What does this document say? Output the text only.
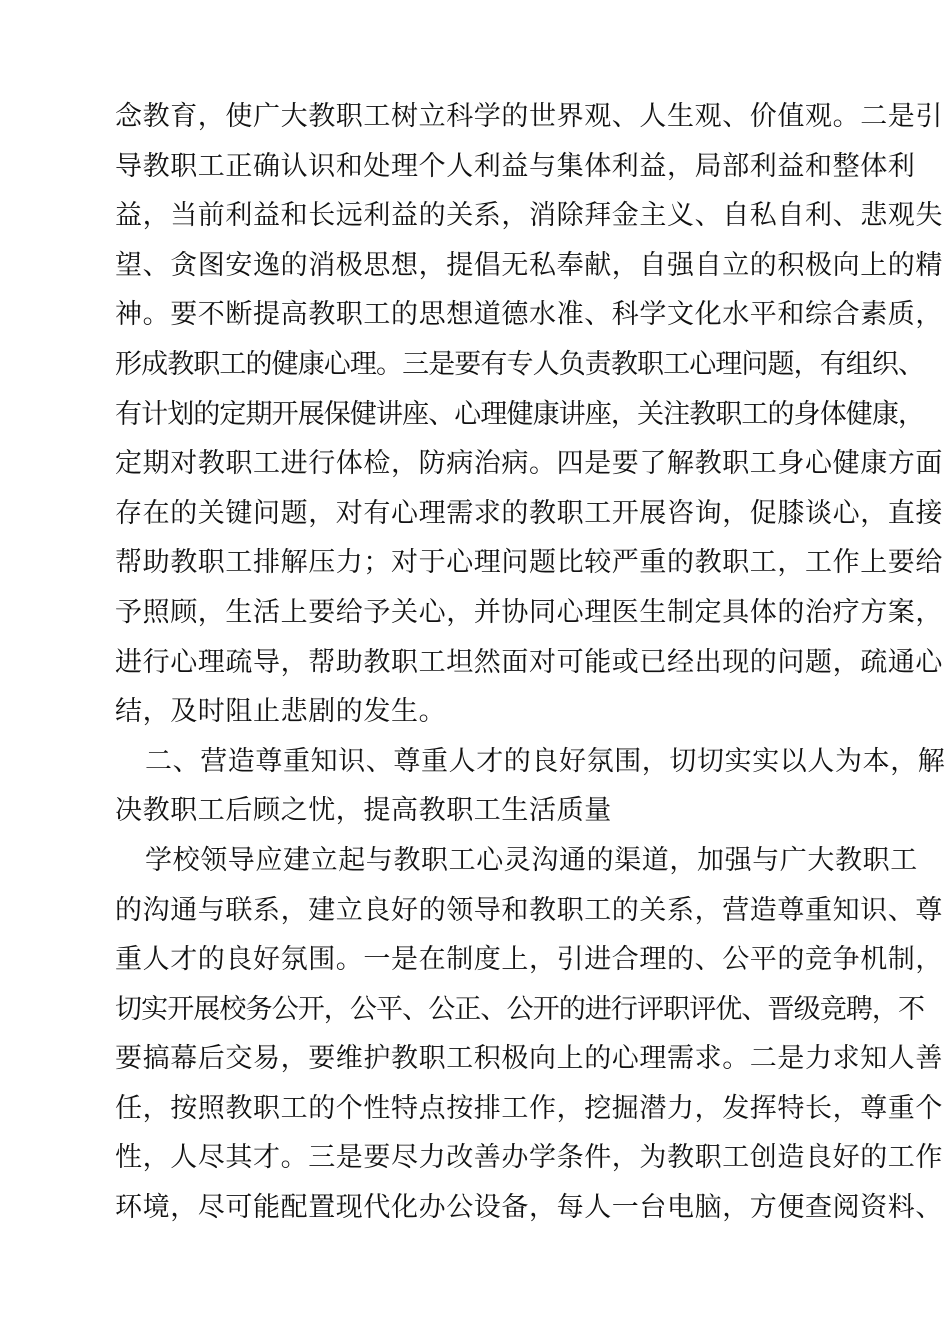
念教育，使广大教职工树立科学的世界观、人生观、价值观。二是引
导教职工正确认识和处理个人利益与集体利益，局部利益和整体利
益，当前利益和长远利益的关系，消除拜金主义、自私自利、悲观失
望、贪图安逸的消极思想，提倡无私奉献，自强自立的积极向上的精
神。要不断提高教职工的思想道德水准、科学文化水平和综合素质，
形成教职工的健康心理。三是要有专人负责教职工心理问题，有组织、
有计划的定期开展保健讲座、心理健康讲座，关注教职工的身体健康，
定期对教职工进行体检，防病治病。四是要了解教职工身心健康方面
存在的关键问题，对有心理需求的教职工开展咨询，促膝谈心，直接
帮助教职工排解压力；对于心理问题比较严重的教职工，工作上要给
予照顾，生活上要给予关心，并协同心理医生制定具体的治疗方案，
进行心理疏导，帮助教职工坦然面对可能或已经出现的问题，疏通心
结，及时阻止悲剧的发生。
二、营造尊重知识、尊重人才的良好氛围，切切实实以人为本，解
决教职工后顾之忧，提高教职工生活质量
学校领导应建立起与教职工心灵沟通的渠道，加强与广大教职工
的沟通与联系，建立良好的领导和教职工的关系，营造尊重知识、尊
重人才的良好氛围。一是在制度上，引进合理的、公平的竞争机制，
切实开展校务公开，公平、公正、公开的进行评职评优、晋级竞聘，不
要搞幕后交易，要维护教职工积极向上的心理需求。二是力求知人善
任，按照教职工的个性特点按排工作，挖掘潜力，发挥特长，尊重个
性，人尽其才。三是要尽力改善办学条件，为教职工创造良好的工作
环境，尽可能配置现代化办公设备，每人一台电脑，方便查阅资料、
